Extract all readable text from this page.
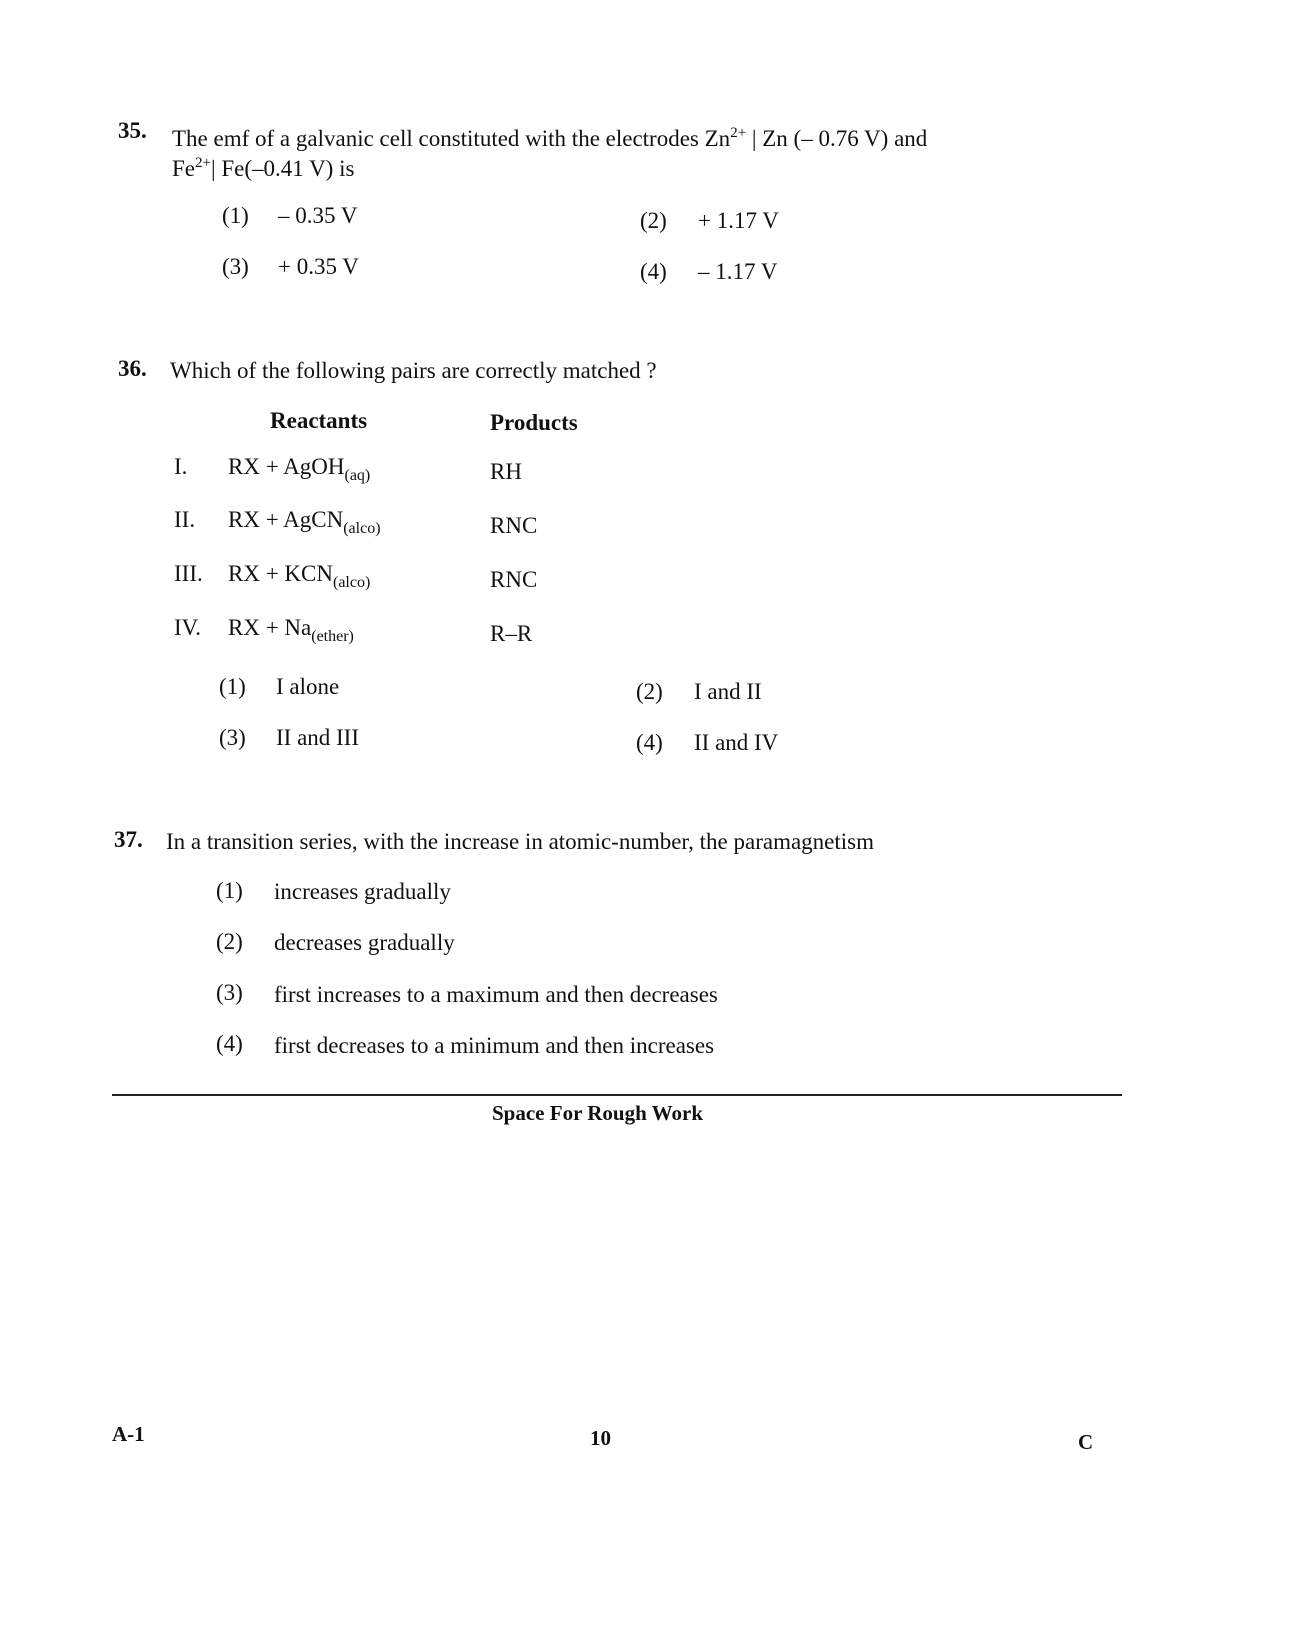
35. The emf of a galvanic cell constituted with the electrodes $Zn^{2+}$ | Zn (– 0.76 V) and
$Fe^{2+}|$ Fe(–0.41 V) is
(1) – 0.35 V	(2) + 1.17 V
(3) + 0.35 V	(4) – 1.17 V
36. Which of the following pairs are correctly matched ?
Reactants	Products
I. RX + AgOH$_{(aq)}$	RH
II. RX + AgCN$_{(alco)}$	RNC
III. RX + $KCN_{(alco)}$	RNC
IV. RX + $Na_{(ether)}$	R–R
(1) I alone	(2) I and II
(3) II and III	(4) II and IV
37. In a transition series, with the increase in atomic-number, the paramagnetism
(1) increases gradually
(2) decreases gradually
(3) first increases to a maximum and then decreases
(4) first decreases to a minimum and then increases
Space For Rough Work
A-1	10	C
